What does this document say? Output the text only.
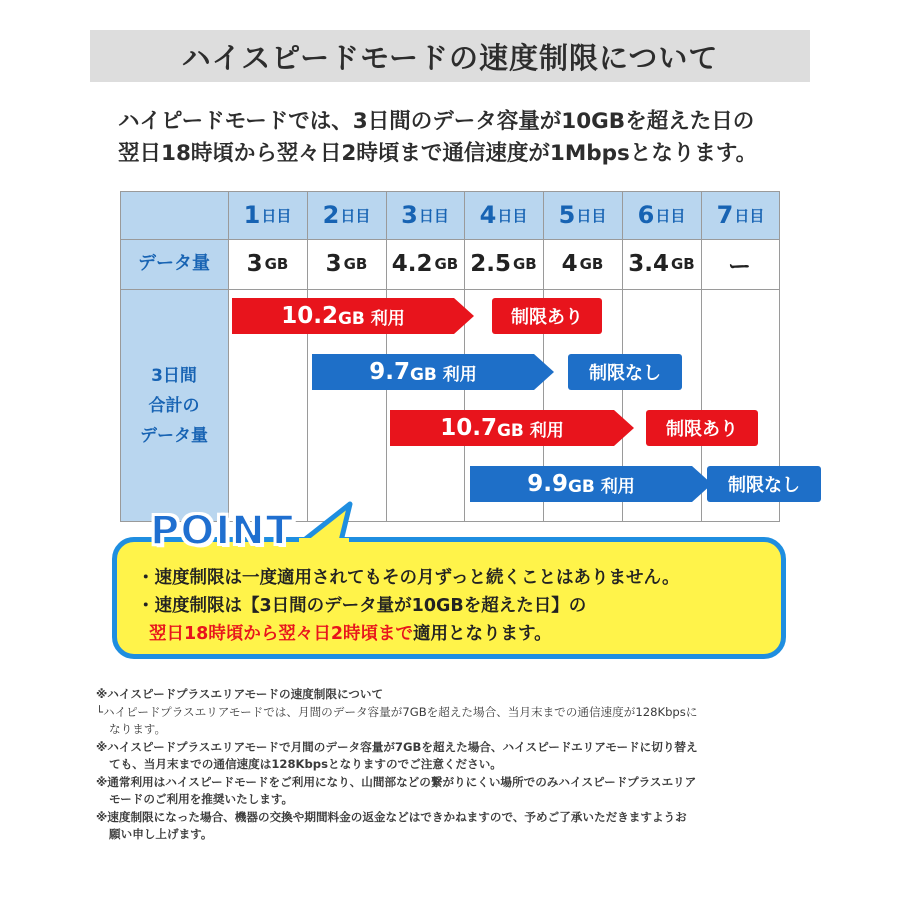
ハイスピードモードの速度制限について
ハイピードモードでは、3日間のデータ容量が10GBを超えた日の
翌日18時頃から翌々日2時頃まで通信速度が1Mbpsとなります。
1 日目 2 日目 3 日目 4 日目 5 日目 6 日目 7 日目
データ量	3 GB 3 GB 4.2 GB 2.5 GB 4 GB 3.4 GB ー
3日間
合計の
データ量
10.2 GB 利用	制限あり
9.7 GB 利用	制限なし
10.7 GB 利用	制限あり
9.9 GB 利用	制限なし
POINT
・速度制限は一度適用されてもその月ずっと続くことはありません。
・速度制限は【3日間のデータ量が10GBを超えた日】の
翌日18時頃から翌々日2時頃まで適用となります。
※ハイスピードプラスエリアモードの速度制限について
└ハイピードプラスエリアモードでは、月間のデータ容量が7GBを超えた場合、当月末までの通信速度が128Kbpsに
なります。
※ハイスピードプラスエリアモードで月間のデータ容量が7GBを超えた場合、ハイスピードエリアモードに切り替え
ても、当月末までの通信速度は128Kbpsとなりますのでご注意ください。
※通常利用はハイスピードモードをご利用になり、山間部などの繋がりにくい場所でのみハイスピードプラスエリア
モードのご利用を推奨いたします。
※速度制限になった場合、機器の交換や期間料金の返金などはできかねますので、予めご了承いただきますようお
願い申し上げます。
